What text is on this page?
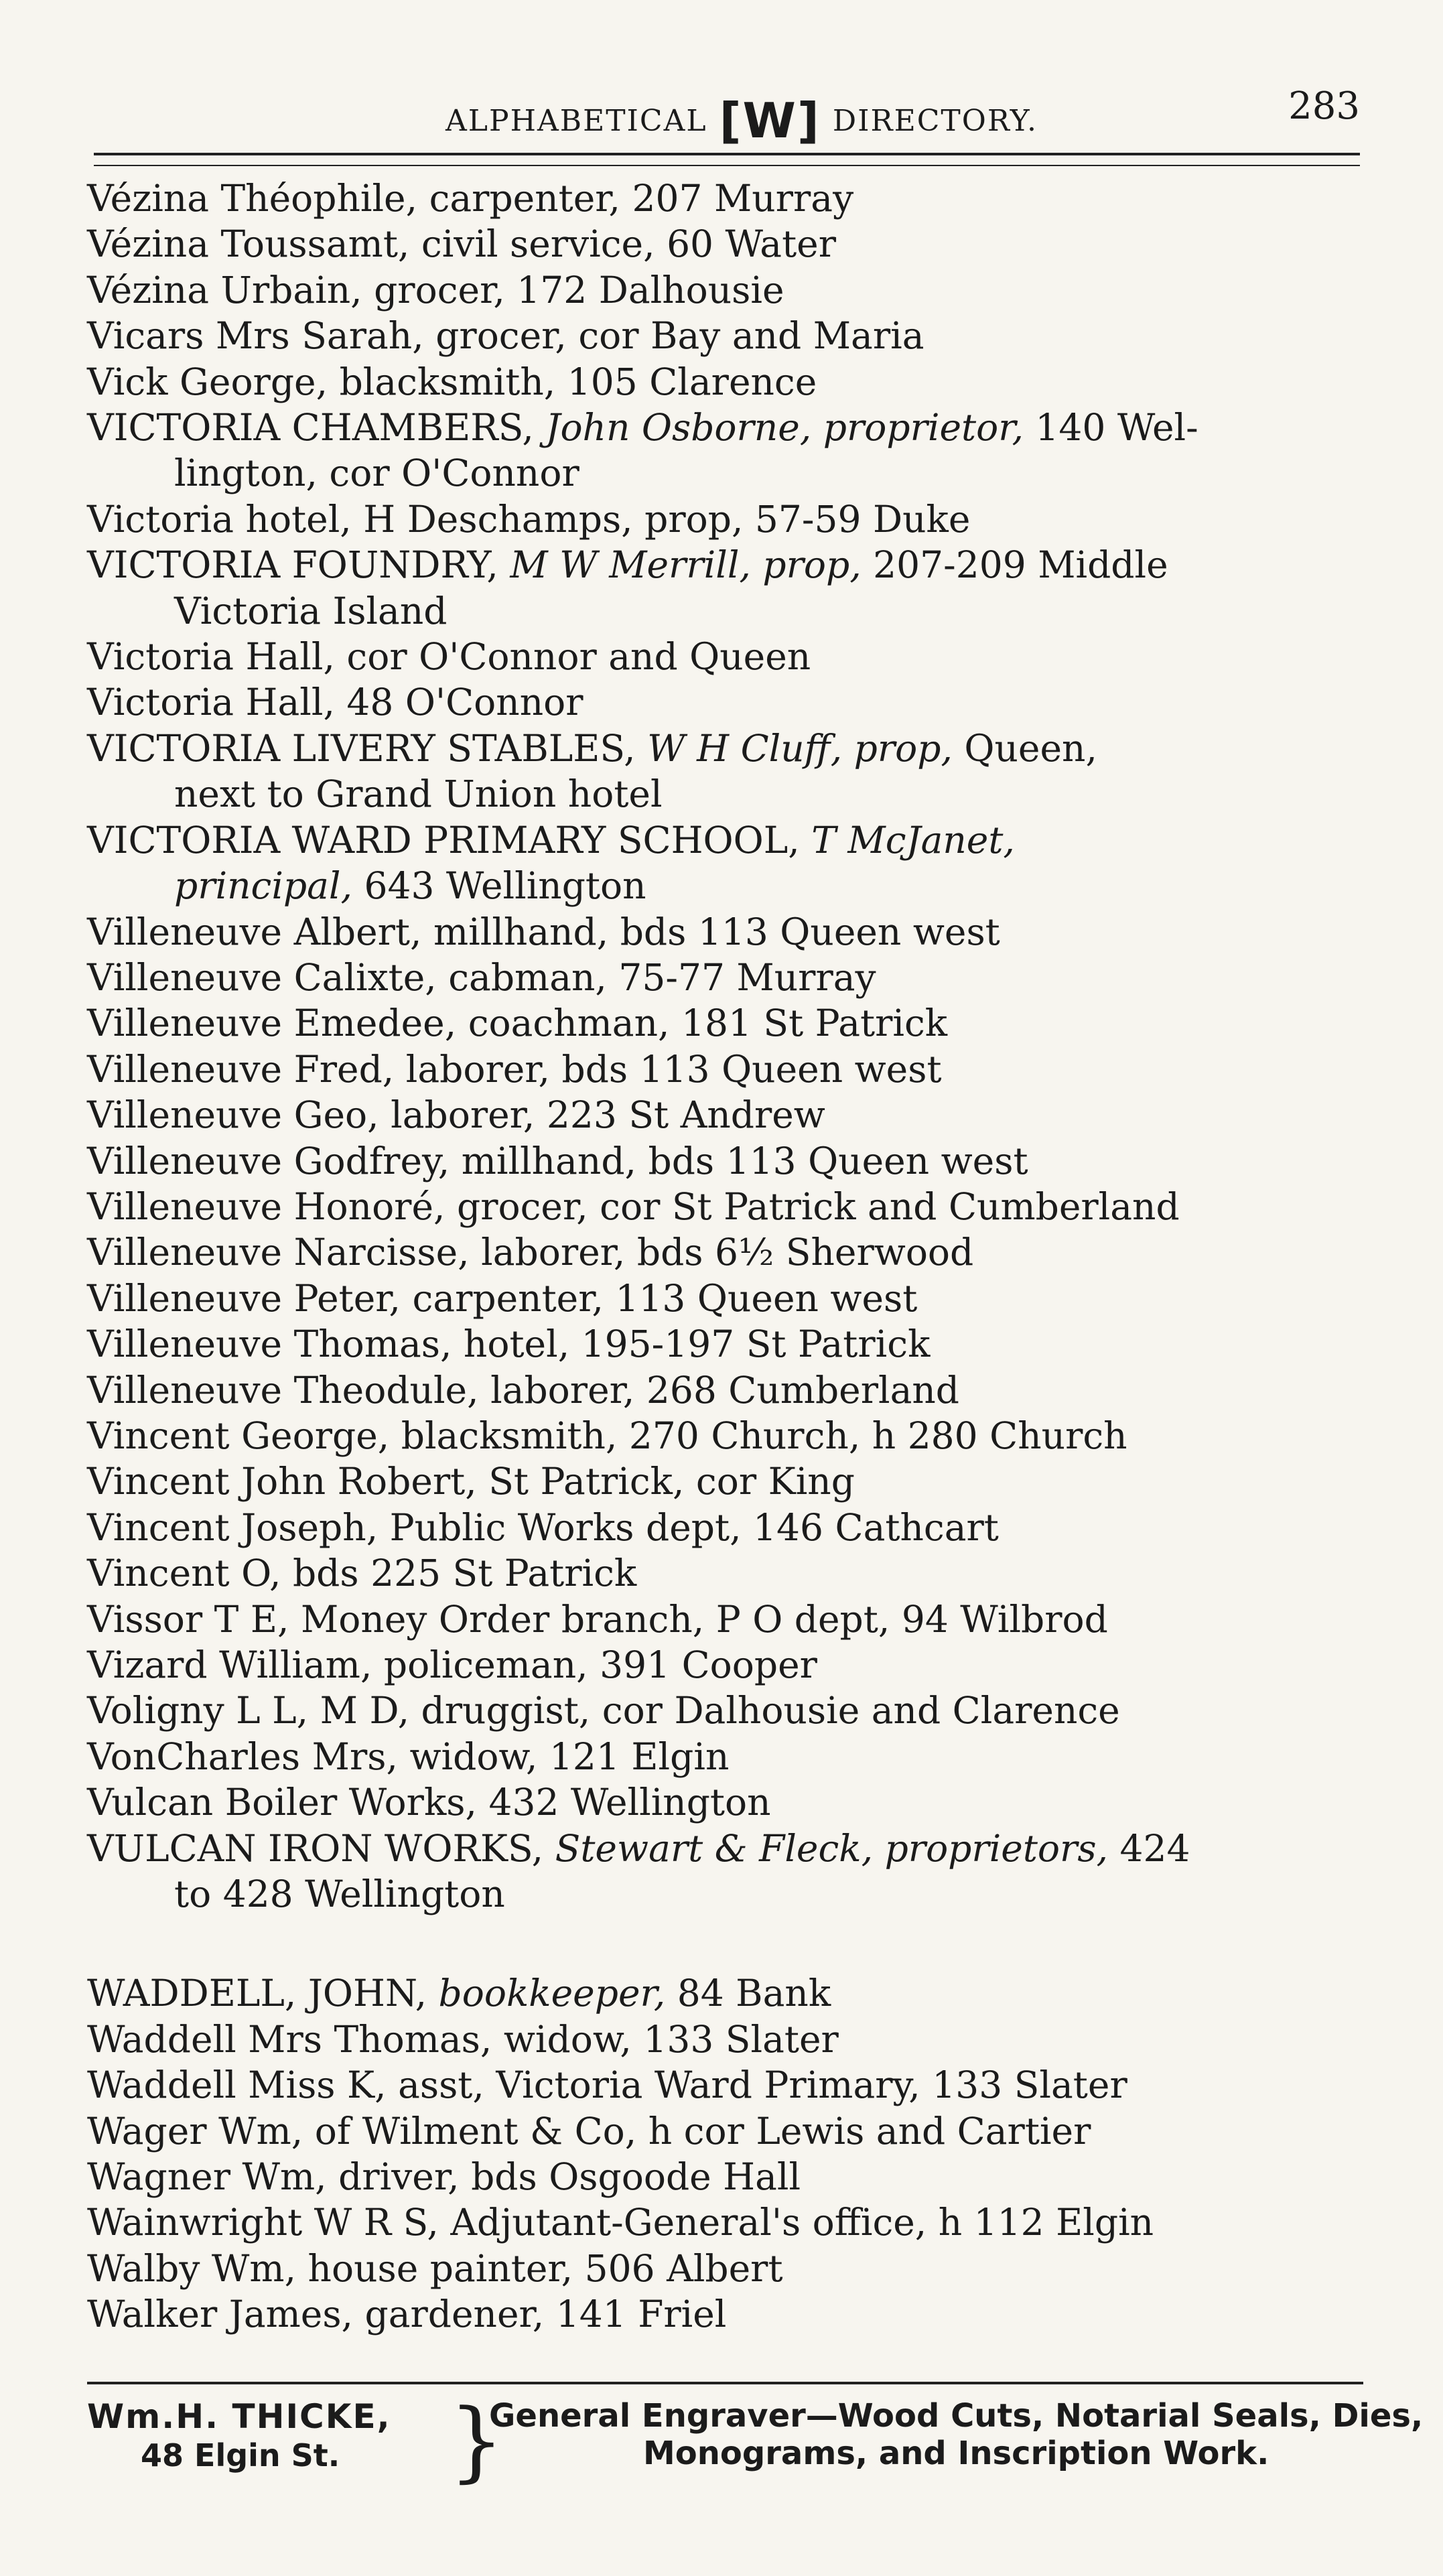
ALPHABETICAL [W] DIRECTORY.	283
Vézina Théophile, carpenter, 207 Murray
Vézina Toussamt, civil service, 60 Water
Vézina Urbain, grocer, 172 Dalhousie
Vicars Mrs Sarah, grocer, cor Bay and Maria
Vick George, blacksmith, 105 Clarence
VICTORIA CHAMBERS, John Osborne, proprietor, 140 Wel-
lington, cor O'Connor
Victoria hotel, H Deschamps, prop, 57-59 Duke
VICTORIA FOUNDRY, M W Merrill, prop, 207-209 Middle
Victoria Island
Victoria Hall, cor O'Connor and Queen
Victoria Hall, 48 O'Connor
VICTORIA LIVERY STABLES, W H Cluff, prop, Queen,
next to Grand Union hotel
VICTORIA WARD PRIMARY SCHOOL, T McJanet,
principal, 643 Wellington
Villeneuve Albert, millhand, bds 113 Queen west
Villeneuve Calixte, cabman, 75-77 Murray
Villeneuve Emedee, coachman, 181 St Patrick
Villeneuve Fred, laborer, bds 113 Queen west
Villeneuve Geo, laborer, 223 St Andrew
Villeneuve Godfrey, millhand, bds 113 Queen west
Villeneuve Honoré, grocer, cor St Patrick and Cumberland
Villeneuve Narcisse, laborer, bds 6½ Sherwood
Villeneuve Peter, carpenter, 113 Queen west
Villeneuve Thomas, hotel, 195-197 St Patrick
Villeneuve Theodule, laborer, 268 Cumberland
Vincent George, blacksmith, 270 Church, h 280 Church
Vincent John Robert, St Patrick, cor King
Vincent Joseph, Public Works dept, 146 Cathcart
Vincent O, bds 225 St Patrick
Vissor T E, Money Order branch, P O dept, 94 Wilbrod
Vizard William, policeman, 391 Cooper
Voligny L L, M D, druggist, cor Dalhousie and Clarence
VonCharles Mrs, widow, 121 Elgin
Vulcan Boiler Works, 432 Wellington
VULCAN IRON WORKS, Stewart & Fleck, proprietors, 424
to 428 Wellington
WADDELL, JOHN, bookkeeper, 84 Bank
Waddell Mrs Thomas, widow, 133 Slater
Waddell Miss K, asst, Victoria Ward Primary, 133 Slater
Wager Wm, of Wilment & Co, h cor Lewis and Cartier
Wagner Wm, driver, bds Osgoode Hall
Wainwright W R S, Adjutant-General's office, h 112 Elgin
Walby Wm, house painter, 506 Albert
Walker James, gardener, 141 Friel
Wm.H. THICKE,
48 Elgin St.	}
General Engraver—Wood Cuts, Notarial Seals, Dies,
Monograms, and Inscription Work.
